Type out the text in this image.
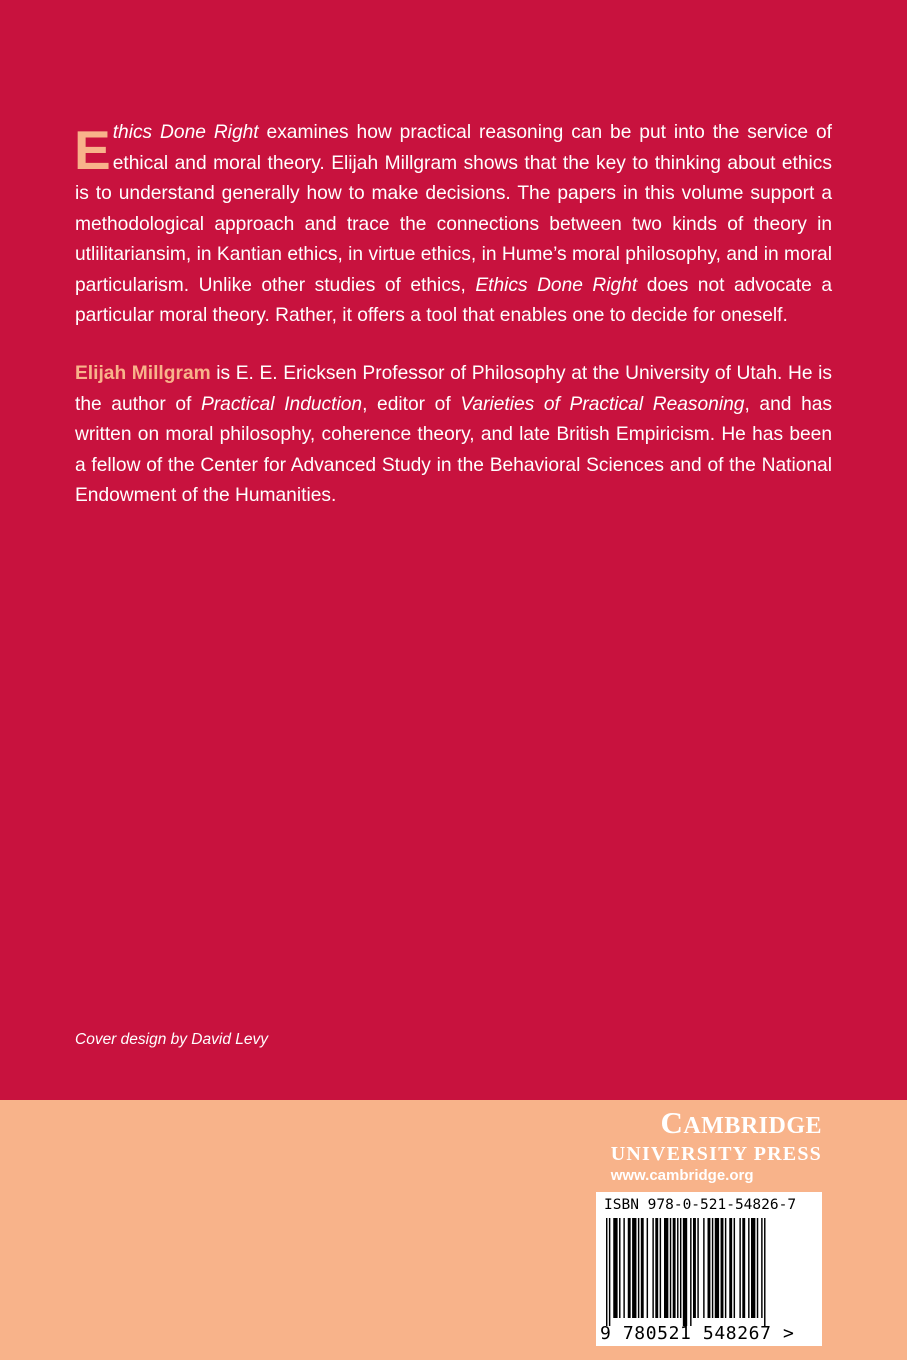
Ethics Done Right examines how practical reasoning can be put into the service of ethical and moral theory. Elijah Millgram shows that the key to thinking about ethics is to understand generally how to make decisions. The papers in this volume support a methodological approach and trace the connections between two kinds of theory in utlilitariansim, in Kantian ethics, in virtue ethics, in Hume’s moral philosophy, and in moral particularism. Unlike other studies of ethics, Ethics Done Right does not advocate a particular moral theory. Rather, it offers a tool that enables one to decide for oneself.

Elijah Millgram is E. E. Ericksen Professor of Philosophy at the University of Utah. He is the author of Practical Induction, editor of Varieties of Practical Reasoning, and has written on moral philosophy, coherence theory, and late British Empiricism. He has been a fellow of the Center for Advanced Study in the Behavioral Sciences and of the National Endowment of the Humanities.

Cover design by David Levy
CAMBRIDGE
UNIVERSITY PRESS
www.cambridge.org
ISBN 978-0-521-54826-7
9 780521 548267 >
